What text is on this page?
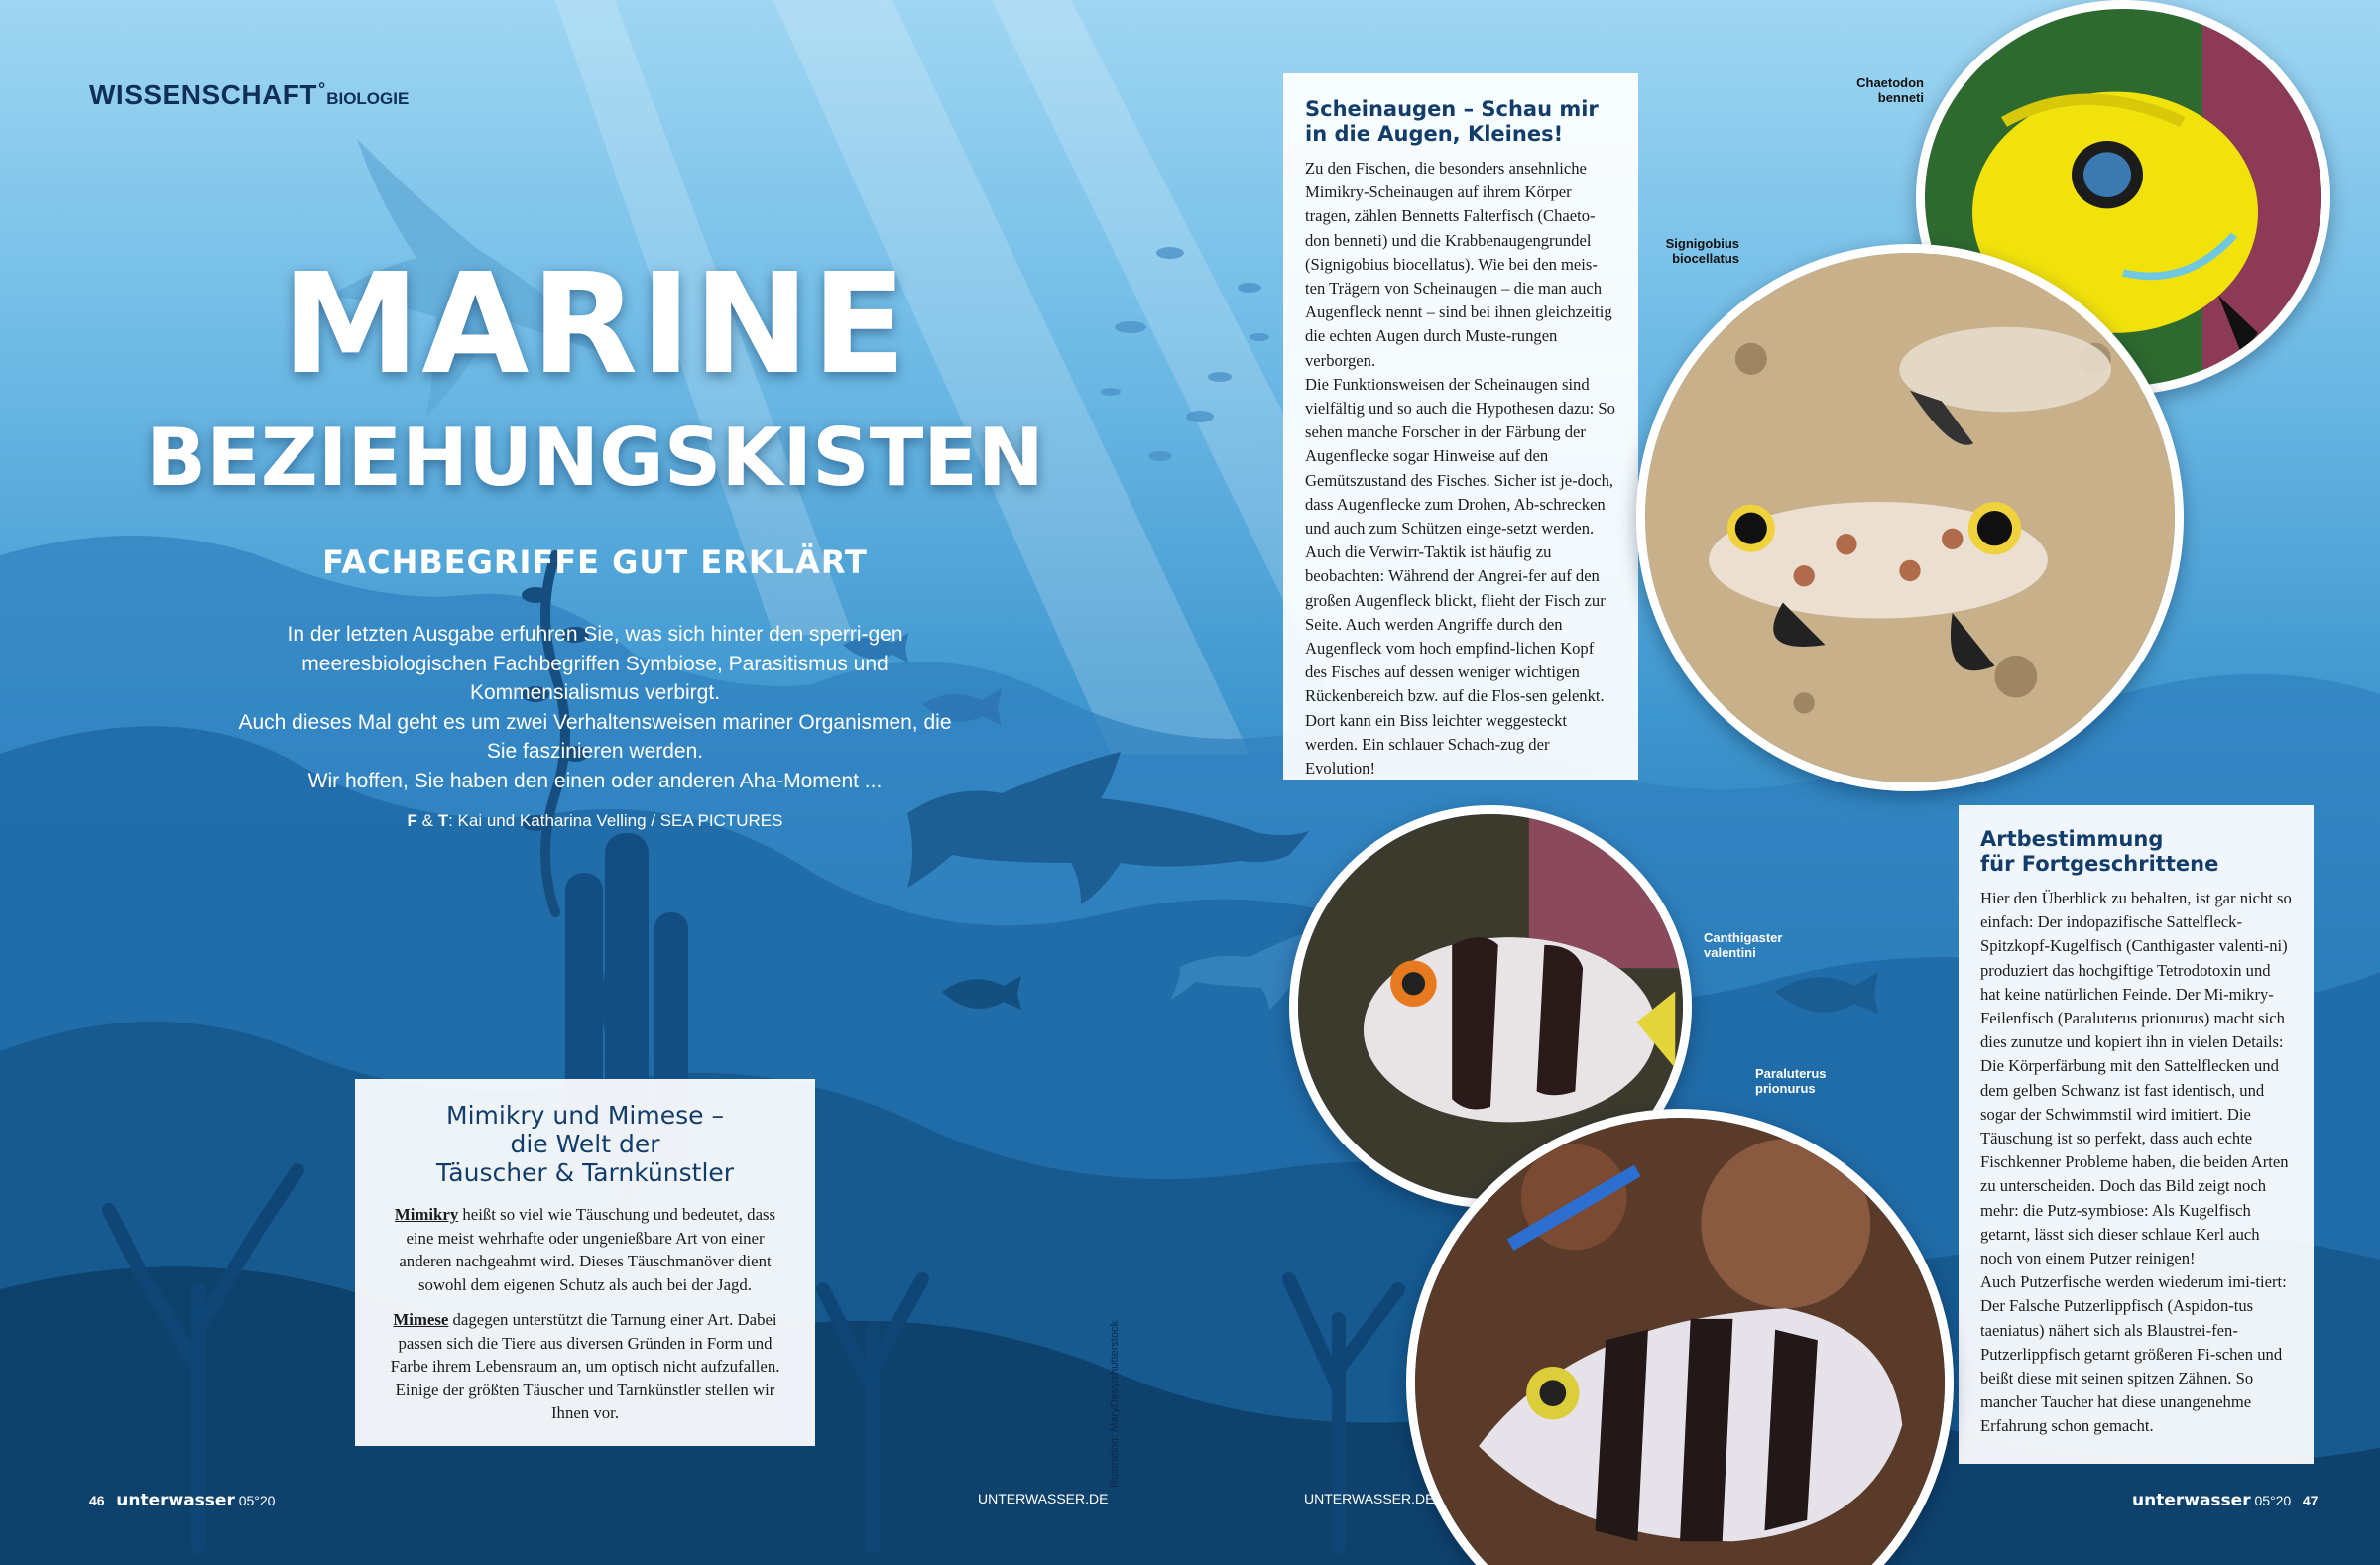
WISSENSCHAFT°BIOLOGIE
MARINE
BEZIEHUNGSKISTEN
FACHBEGRIFFE GUT ERKLÄRT

In der letzten Ausgabe erfuhren Sie, was sich hinter den sperri-gen meeresbiologischen Fachbegriffen Symbiose, Parasitismus und Kommensialismus verbirgt.

Auch dieses Mal geht es um zwei Verhaltensweisen mariner Organismen, die Sie faszinieren werden.

Wir hoffen, Sie haben den einen oder anderen Aha-Moment ...

F & T: Kai und Katharina Velling / SEA PICTURES
Scheinaugen – Schau mir
in die Augen, Kleines!
Zu den Fischen, die besonders ansehnliche Mimikry-Scheinaugen auf ihrem Körper tragen, zählen Bennetts Falterfisch (Chaeto-don benneti) und die Krabbenaugengrundel (Signigobius biocellatus). Wie bei den meis-ten Trägern von Scheinaugen – die man auch Augenfleck nennt – sind bei ihnen gleichzeitig die echten Augen durch Muste-rungen verborgen.
Die Funktionsweisen der Scheinaugen sind vielfältig und so auch die Hypothesen dazu: So sehen manche Forscher in der Färbung der Augenflecke sogar Hinweise auf den Gemütszustand des Fisches. Sicher ist je-doch, dass Augenflecke zum Drohen, Ab-schrecken und auch zum Schützen einge-setzt werden. Auch die Verwirr-Taktik ist häufig zu beobachten: Während der Angrei-fer auf den großen Augenfleck blickt, flieht der Fisch zur Seite. Auch werden Angriffe durch den Augenfleck vom hoch empfind-lichen Kopf des Fisches auf dessen weniger wichtigen Rückenbereich bzw. auf die Flos-sen gelenkt. Dort kann ein Biss leichter weggesteckt werden. Ein schlauer Schach-zug der Evolution!
Artbestimmung
für Fortgeschrittene
Hier den Überblick zu behalten, ist gar nicht so einfach: Der indopazifische Sattelfleck-Spitzkopf-Kugelfisch (Canthigaster valenti-ni) produziert das hochgiftige Tetrodotoxin und hat keine natürlichen Feinde. Der Mi-mikry-Feilenfisch (Paraluterus prionurus) macht sich dies zunutze und kopiert ihn in vielen Details: Die Körperfärbung mit den Sattelflecken und dem gelben Schwanz ist fast identisch, und sogar der Schwimmstil wird imitiert. Die Täuschung ist so perfekt, dass auch echte Fischkenner Probleme haben, die beiden Arten zu unterscheiden. Doch das Bild zeigt noch mehr: die Putz-symbiose: Als Kugelfisch getarnt, lässt sich dieser schlaue Kerl auch noch von einem Putzer reinigen!
Auch Putzerfische werden wiederum imi-tiert: Der Falsche Putzerlippfisch (Aspidon-tus taeniatus) nähert sich als Blaustrei-fen-Putzerlippfisch getarnt größeren Fi-schen und beißt diese mit seinen spitzen Zähnen. So mancher Taucher hat diese unangenehme Erfahrung schon gemacht.
Mimikry und Mimese –
die Welt der
Täuscher & Tarnkünstler

Mimikry heißt so viel wie Täuschung und bedeutet, dass eine meist wehrhafte oder ungenießbare Art von einer anderen nachgeahmt wird. Dieses Täuschmanöver dient sowohl dem eigenen Schutz als auch bei der Jagd.

Mimese dagegen unterstützt die Tarnung einer Art. Dabei passen sich die Tiere aus diversen Gründen in Form und Farbe ihrem Lebensraum an, um optisch nicht aufzufallen. Einige der größten Täuscher und Tarnkünstler stellen wir Ihnen vor.

Chaetodon
benneti
Signigobius
biocellatus
Canthigaster
valentini
Paraluterus
prionurus
Illustration: MaryDesy/shutterstock
46 unterwasser 05°20	UNTERWASSER.DE	UNTERWASSER.DE	unterwasser 05°20 47
